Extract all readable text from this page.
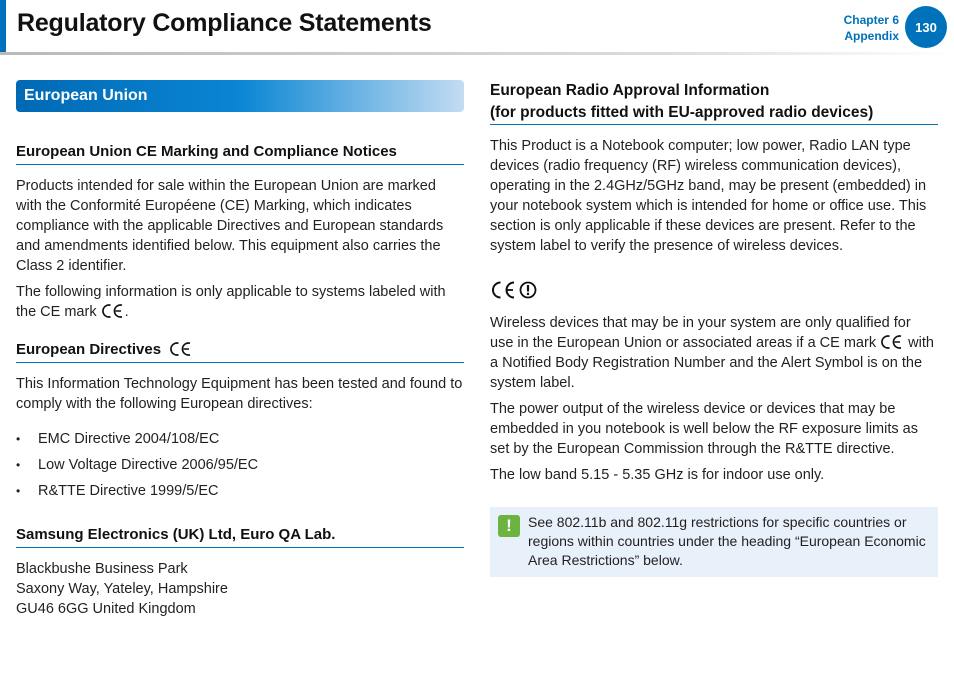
Regulatory Compliance Statements	Chapter 6
Appendix
130
European Union
European Union CE Marking and Compliance Notices

Products intended for sale within the European Union are marked with the Conformité Européene (CE) Marking, which indicates compliance with the applicable Directives and European standards and amendments identified below. This equipment also carries the Class 2 identifier.

The following information is only applicable to systems labeled with the CE mark .

European Directives

This Information Technology Equipment has been tested and found to comply with the following European directives:

• EMC Directive 2004/108/EC
• Low Voltage Directive 2006/95/EC
• R&TTE Directive 1999/5/EC
Samsung Electronics (UK) Ltd, Euro QA Lab.

Blackbushe Business Park

Saxony Way, Yateley, Hampshire

GU46 6GG United Kingdom

European Radio Approval Information
(for products fitted with EU-approved radio devices)

This Product is a Notebook computer; low power, Radio LAN type devices (radio frequency (RF) wireless communication devices), operating in the 2.4GHz/5GHz band, may be present (embedded) in your notebook system which is intended for home or office use. This section is only applicable if these devices are present. Refer to the system label to verify the presence of wireless devices.

Wireless devices that may be in your system are only qualified for use in the European Union or associated areas if a CE mark with a Notified Body Registration Number and the Alert Symbol is on the system label.

The power output of the wireless device or devices that may be embedded in you notebook is well below the RF exposure limits as set by the European Commission through the R&TTE directive.

The low band 5.15 - 5.35 GHz is for indoor use only.

!	See 802.11b and 802.11g restrictions for specific countries or regions within countries under the heading “European Economic Area Restrictions” below.
